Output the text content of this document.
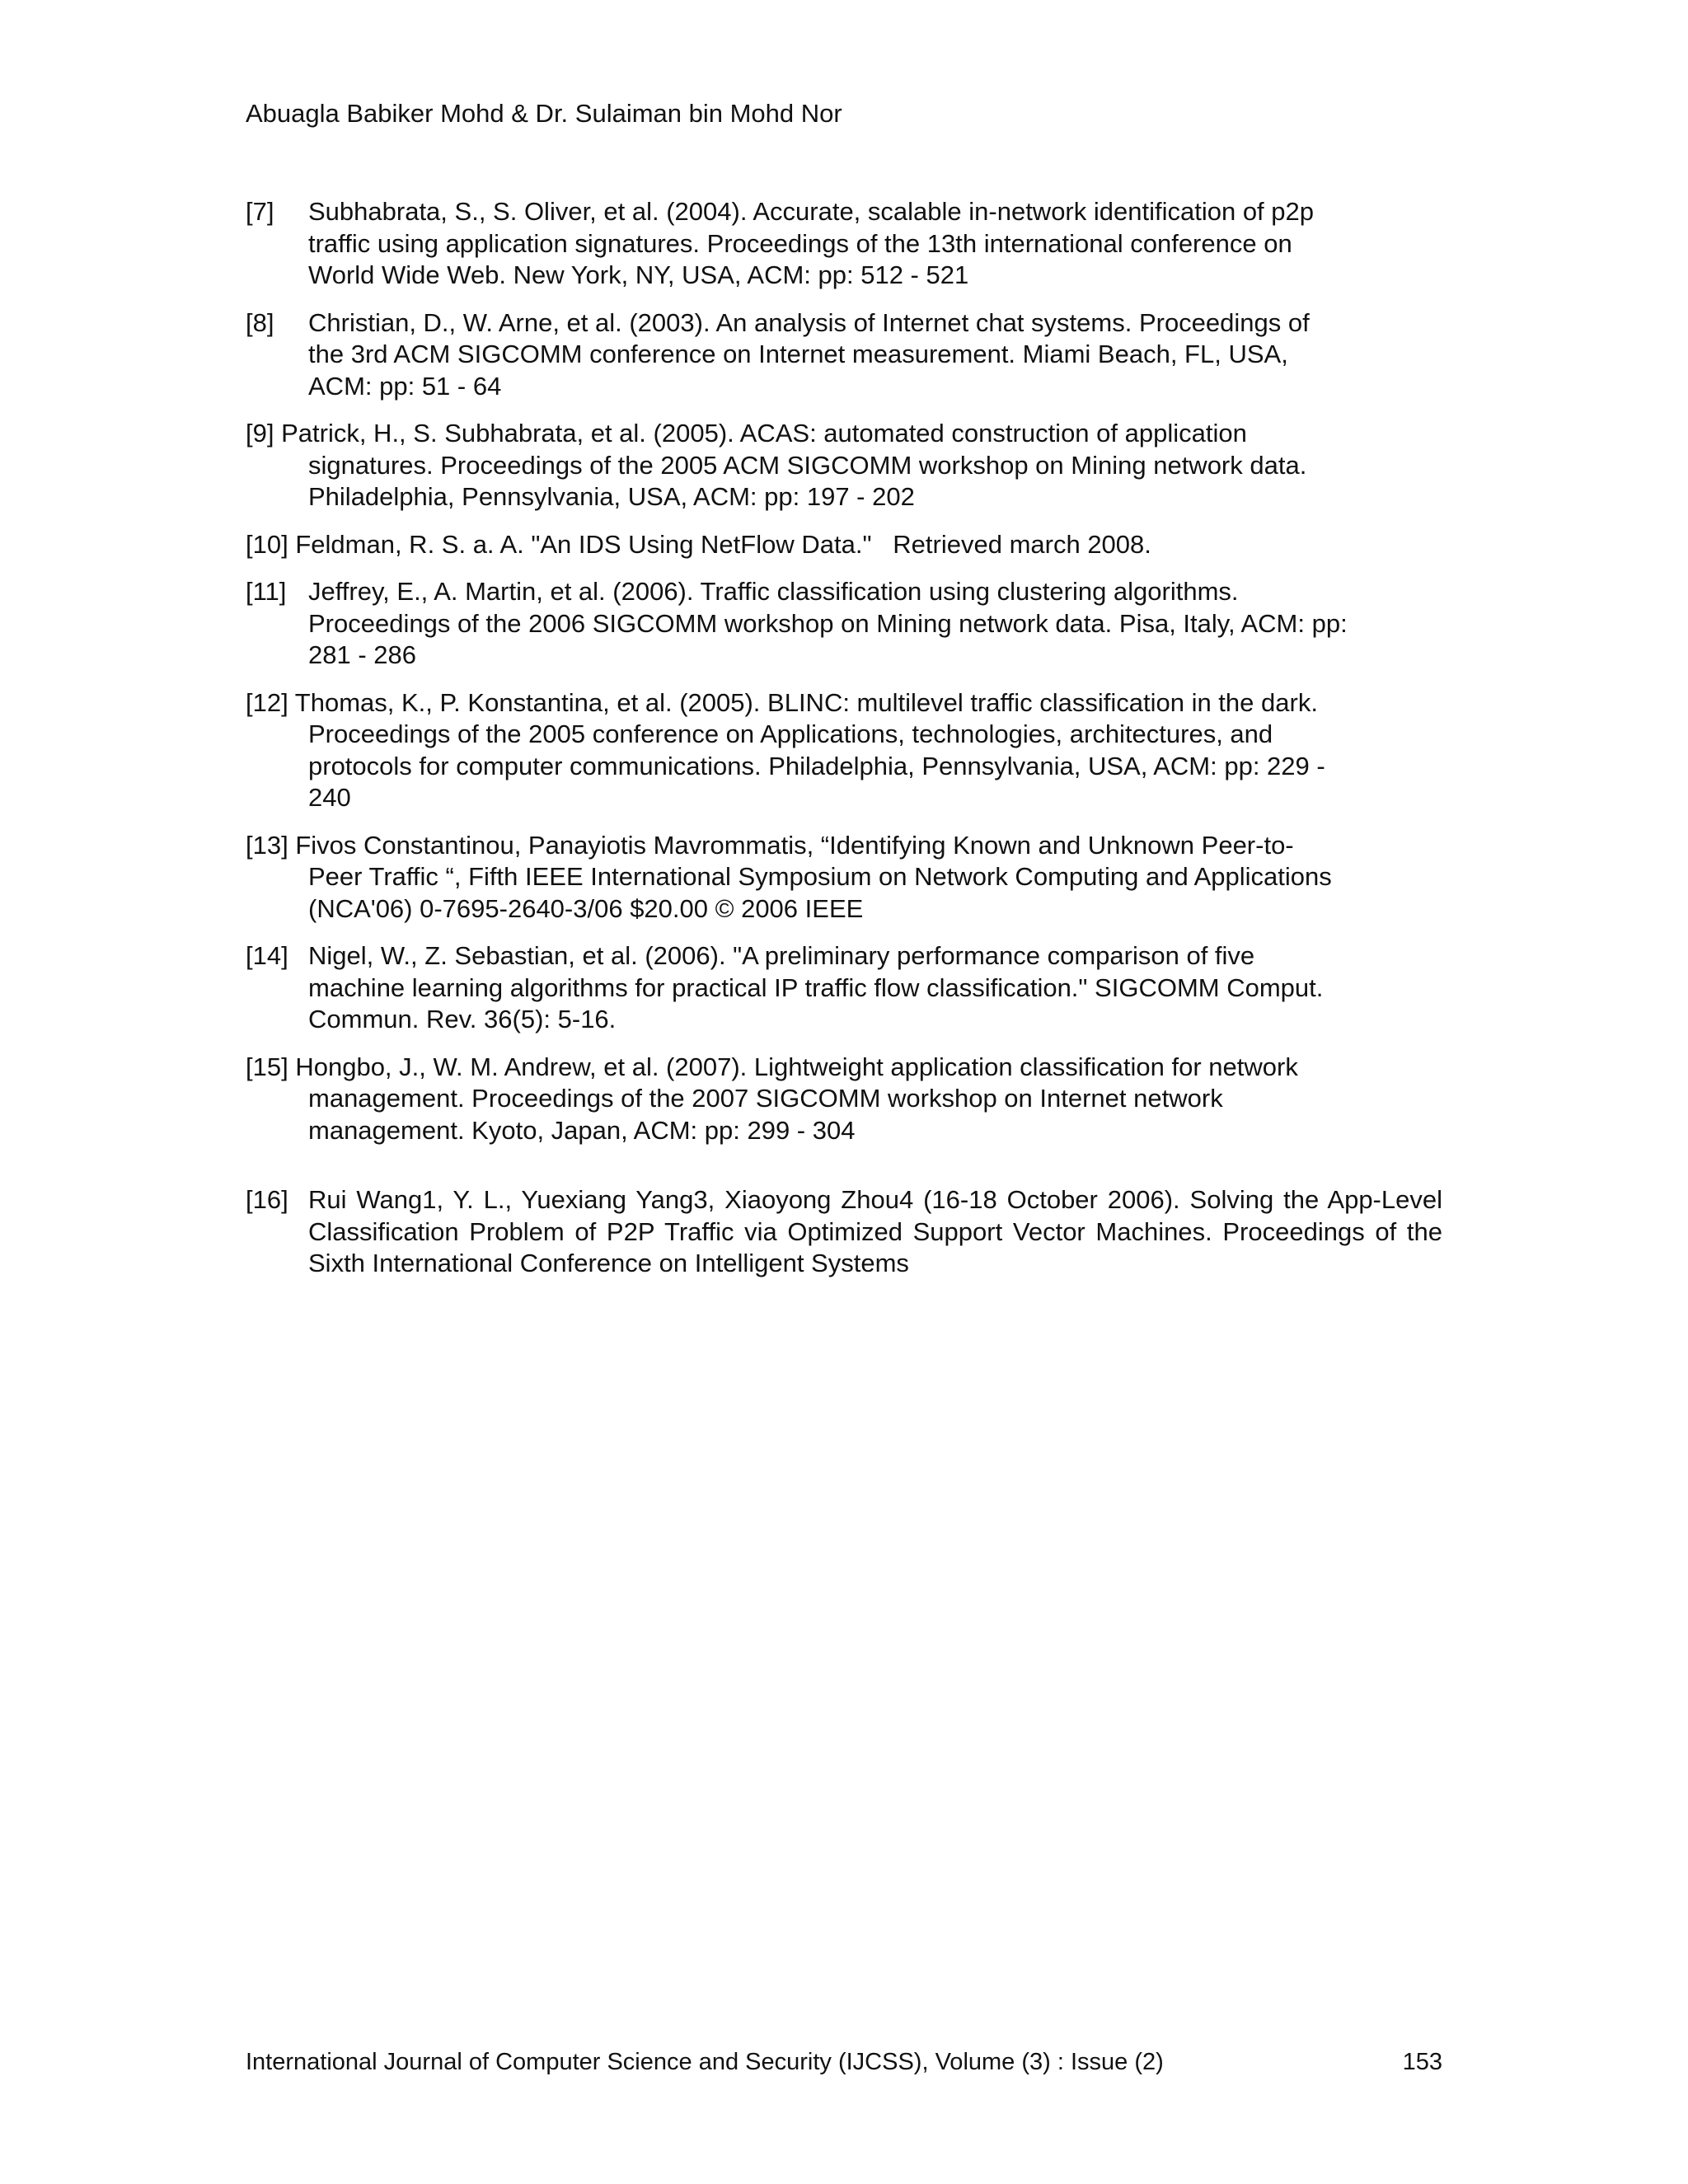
Abuagla Babiker Mohd & Dr. Sulaiman bin Mohd Nor
[7] Subhabrata, S., S. Oliver, et al. (2004). Accurate, scalable in-network identification of p2p
traffic using application signatures. Proceedings of the 13th international conference on
World Wide Web. New York, NY, USA, ACM: pp: 512 - 521
[8] Christian, D., W. Arne, et al. (2003). An analysis of Internet chat systems. Proceedings of
the 3rd ACM SIGCOMM conference on Internet measurement. Miami Beach, FL, USA,
ACM: pp: 51 - 64
[9] Patrick, H., S. Subhabrata, et al. (2005). ACAS: automated construction of application
signatures. Proceedings of the 2005 ACM SIGCOMM workshop on Mining network data.
Philadelphia, Pennsylvania, USA, ACM: pp: 197 - 202
[10] Feldman, R. S. a. A. "An IDS Using NetFlow Data."   Retrieved march 2008.
[11] Jeffrey, E., A. Martin, et al. (2006). Traffic classification using clustering algorithms.
Proceedings of the 2006 SIGCOMM workshop on Mining network data. Pisa, Italy, ACM: pp:
281 - 286
[12] Thomas, K., P. Konstantina, et al. (2005). BLINC: multilevel traffic classification in the dark.
Proceedings of the 2005 conference on Applications, technologies, architectures, and
protocols for computer communications. Philadelphia, Pennsylvania, USA, ACM: pp: 229 -
240
[13] Fivos Constantinou, Panayiotis Mavrommatis, “Identifying Known and Unknown Peer-to-
Peer Traffic “, Fifth IEEE International Symposium on Network Computing and Applications
(NCA'06) 0-7695-2640-3/06 $20.00 © 2006 IEEE
[14] Nigel, W., Z. Sebastian, et al. (2006). "A preliminary performance comparison of five
machine learning algorithms for practical IP traffic flow classification." SIGCOMM Comput.
Commun. Rev. 36(5): 5-16.
[15] Hongbo, J., W. M. Andrew, et al. (2007). Lightweight application classification for network
management. Proceedings of the 2007 SIGCOMM workshop on Internet network
management. Kyoto, Japan, ACM: pp: 299 - 304
[16] Rui Wang1, Y. L., Yuexiang Yang3, Xiaoyong Zhou4 (16-18 October 2006). Solving the App-Level Classification Problem of P2P Traffic via Optimized Support Vector Machines. Proceedings of the Sixth International Conference on Intelligent Systems
International Journal of Computer Science and Security (IJCSS), Volume (3) : Issue (2)	153
